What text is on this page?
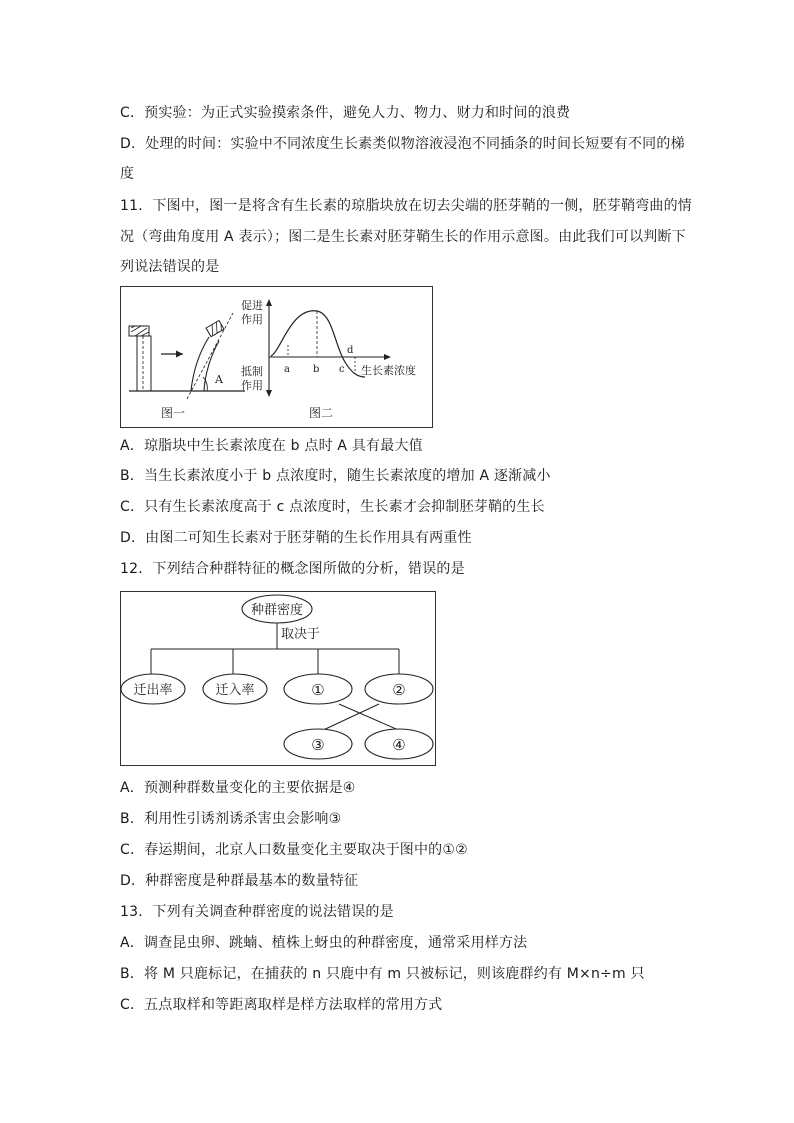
C．预实验：为正式实验摸索条件，避免人力、物力、财力和时间的浪费
D．处理的时间：实验中不同浓度生长素类似物溶液浸泡不同插条的时间长短要有不同的梯
度
11．下图中，图一是将含有生长素的琼脂块放在切去尖端的胚芽鞘的一侧，胚芽鞘弯曲的情
况（弯曲角度用 A 表示）；图二是生长素对胚芽鞘生长的作用示意图。由此我们可以判断下
列说法错误的是
A
图一
a b c
d
促进
作用
抵制
作用
生长素浓度
图二
A．琼脂块中生长素浓度在 b 点时 A 具有最大值
B．当生长素浓度小于 b 点浓度时，随生长素浓度的增加 A 逐渐减小
C．只有生长素浓度高于 c 点浓度时，生长素才会抑制胚芽鞘的生长
D．由图二可知生长素对于胚芽鞘的生长作用具有两重性
12．下列结合种群特征的概念图所做的分析，错误的是
种群密度
取决于
迁出率	迁入率	①	②
③	④
A．预测种群数量变化的主要依据是④
B．利用性引诱剂诱杀害虫会影响③
C．春运期间，北京人口数量变化主要取决于图中的①②
D．种群密度是种群最基本的数量特征
13．下列有关调查种群密度的说法错误的是
A．调查昆虫卵、跳蝻、植株上蚜虫的种群密度，通常采用样方法
B．将 M 只鹿标记，在捕获的 n 只鹿中有 m 只被标记，则该鹿群约有 M×n÷m 只
C．五点取样和等距离取样是样方法取样的常用方式
